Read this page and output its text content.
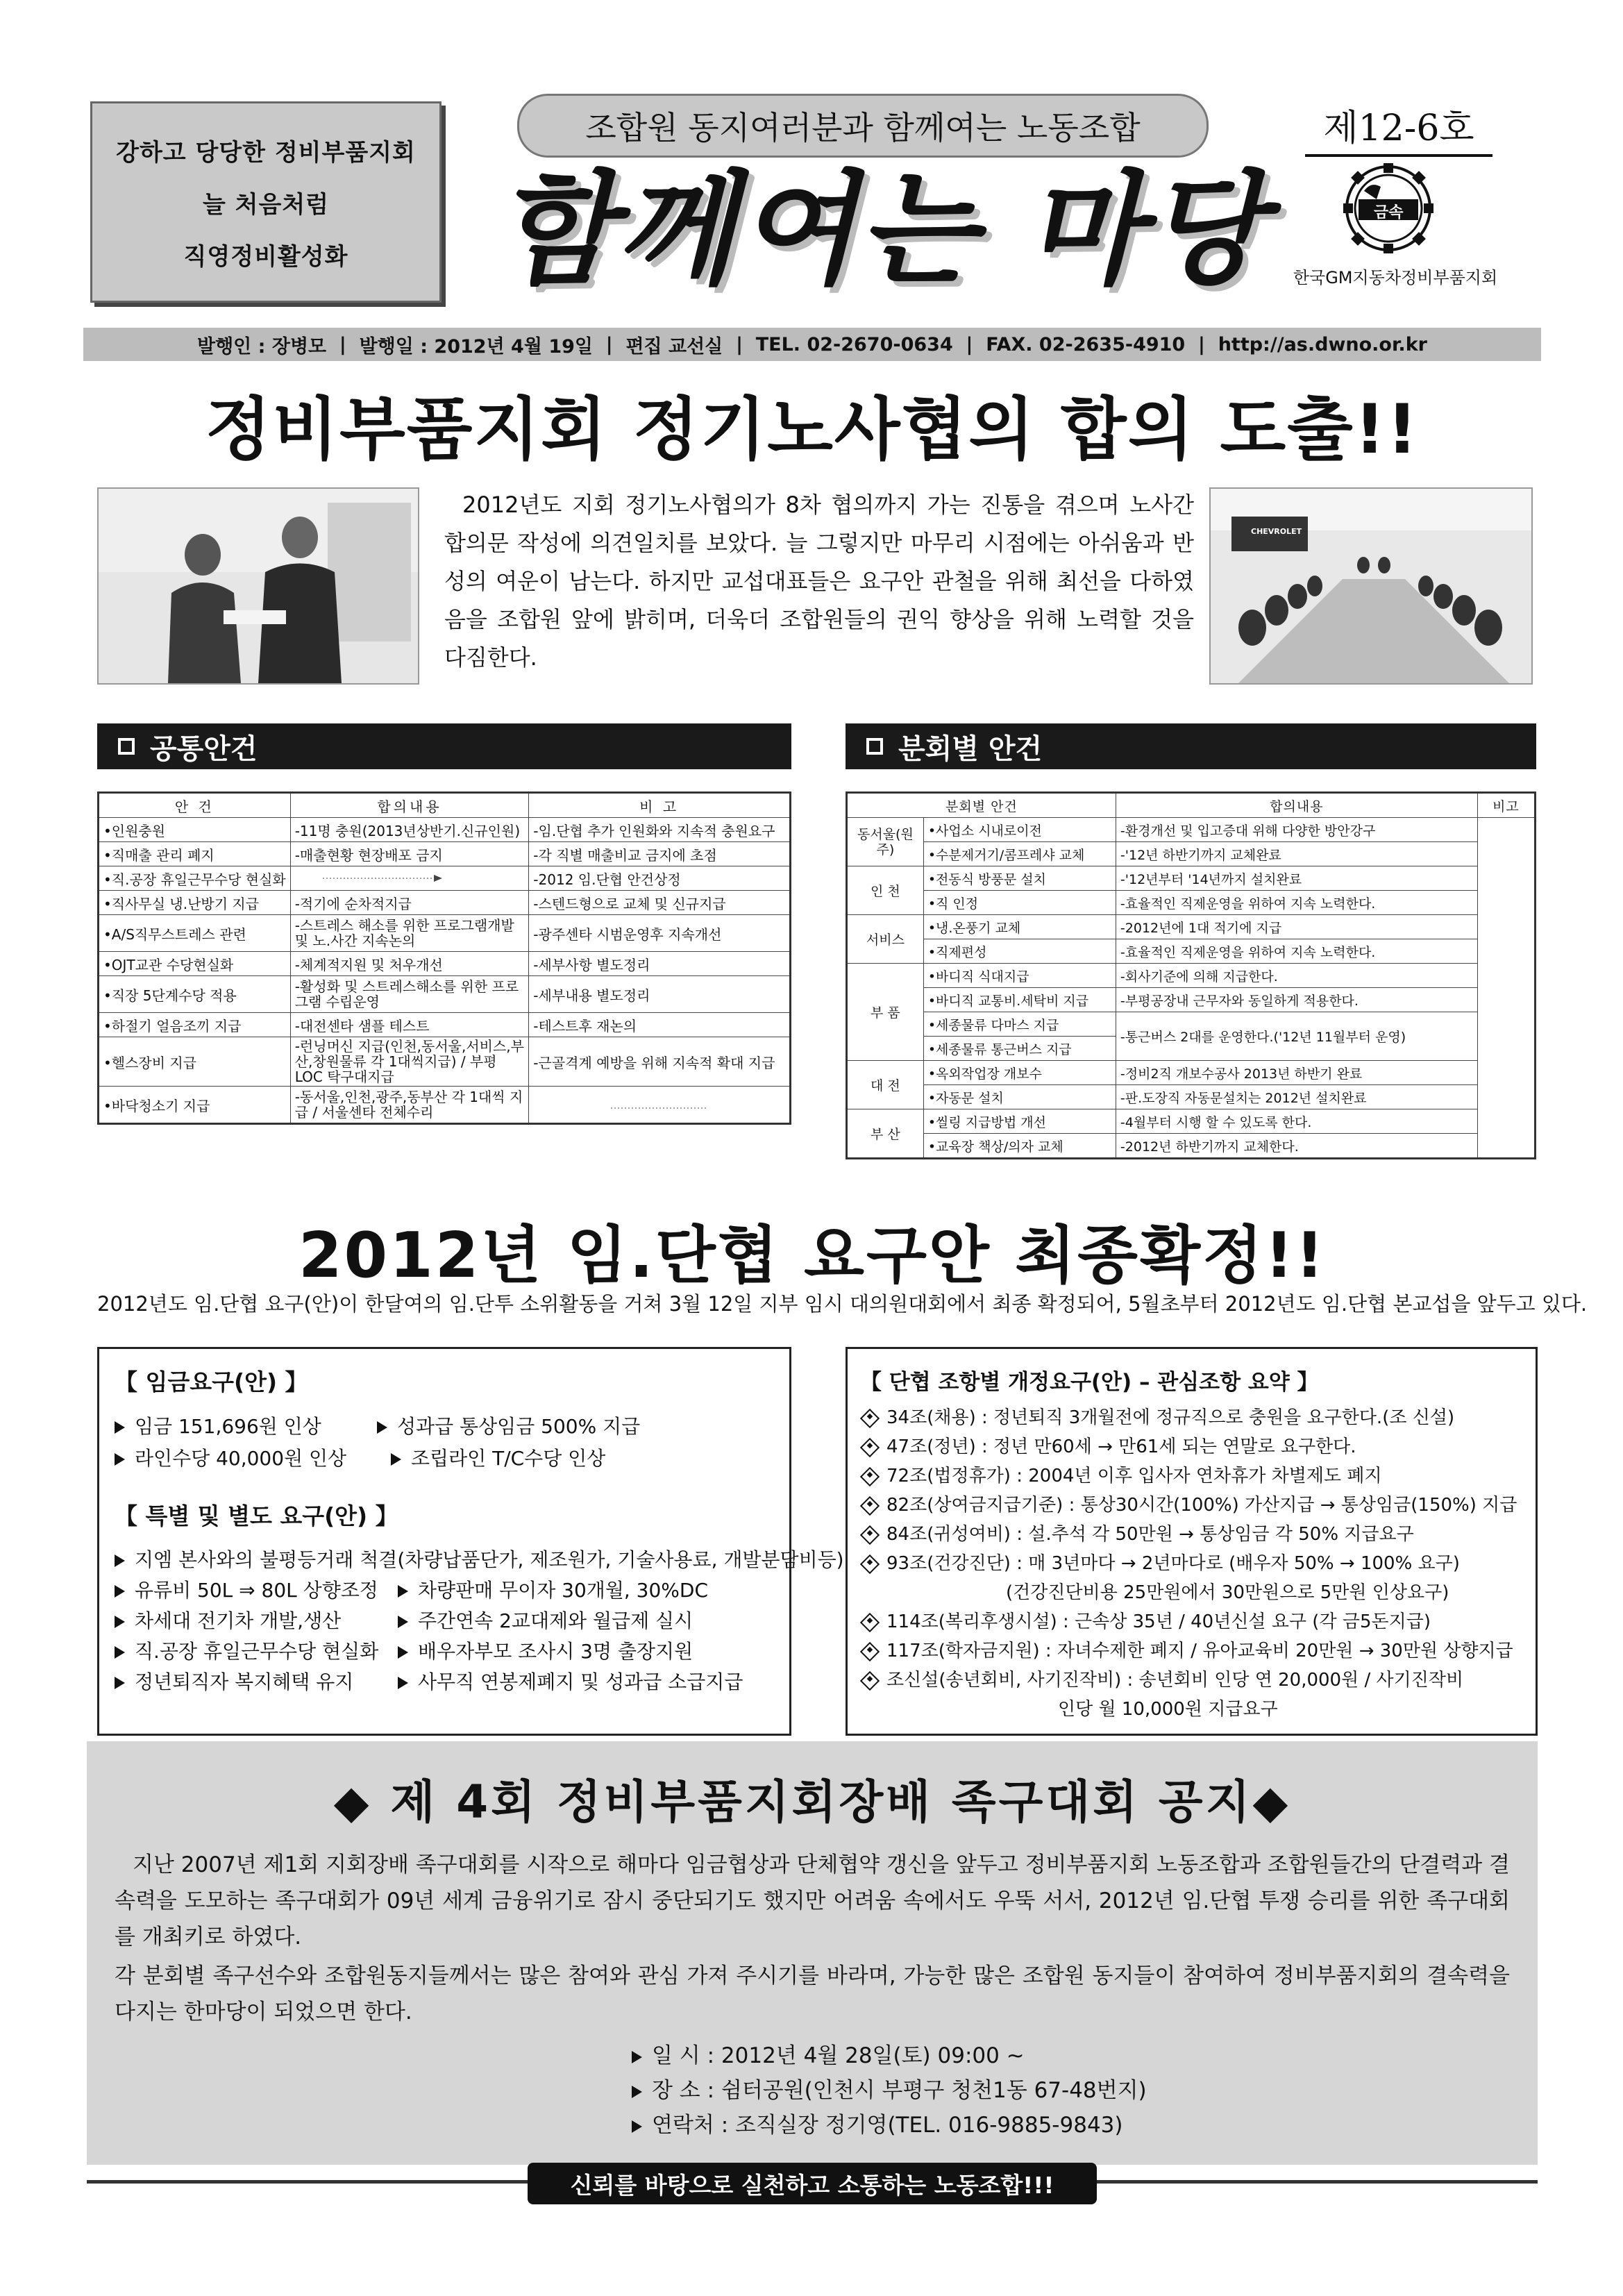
강하고 당당한 정비부품지회
늘 처음처럼
직영정비활성화
조합원 동지여러분과 함께여는 노동조합
함께여는 마당
제12-6호
금속
한국GM지동차정비부품지회
발행인 : 장병모 | 발행일 : 2012년 4월 19일 | 편집 교선실 | TEL. 02-2670-0634 | FAX. 02-2635-4910 | http://as.dwno.or.kr
정비부품지회 정기노사협의 합의 도출!!
2012년도 지회 정기노사협의가 8차 협의까지 가는 진통을 겪으며 노사간 합의문 작성에 의견일치를 보았다. 늘 그렇지만 마무리 시점에는 아쉬움과 반성의 여운이 남는다. 하지만 교섭대표들은 요구안 관철을 위해 최선을 다하였음을 조합원 앞에 밝히며, 더욱더 조합원들의 권익 향상을 위해 노력할 것을 다짐한다.
CHEVROLET
공통안건
안 건	합의내용	비 고
•인원충원	-11명 충원(2013년상반기.신규인원)	-임.단협 추가 인원화와 지속적 충원요구
•직매출 관리 폐지	-매출현황 현장배포 금지	-각 직별 매출비교 금지에 초점
•직.공장 휴일근무수당 현실화		-2012 임.단협 안건상정
•직사무실 냉.난방기 지급	-적기에 순차적지급	-스텐드형으로 교체 및 신규지급
•A/S직무스트레스 관련	-스트레스 해소를 위한 프로그램개발 및 노.사간 지속논의	-광주센타 시범운영후 지속개선
•OJT교관 수당현실화	-체계적지원 및 처우개선	-세부사항 별도정리
•직장 5단계수당 적용	-활성화 및 스트레스해소를 위한 프로그램 수립운영	-세부내용 별도정리
•하절기 얼음조끼 지급	-대전센타 샘플 테스트	-테스트후 재논의
•헬스장비 지급	-런닝머신 지급(인천,동서울,서비스,부산,창원물류 각 1대씩지급) / 부평 LOC 탁구대지급	-근골격계 예방을 위해 지속적 확대 지급
•바닥청소기 지급	-동서울,인천,광주,동부산 각 1대씩 지급 / 서울센타 전체수리	
분회별 안건
분회별 안건		합의내용	비고
동서울(원주)	•사업소 시내로이전	-환경개선 및 입고증대 위해 다양한 방안강구	
	•수분제거기/콤프레샤 교체	-'12년 하반기까지 교체완료	
인 천	•전동식 방풍문 설치	-'12년부터 '14년까지 설치완료	
	•직 인정	-효율적인 직제운영을 위하여 지속 노력한다.	
서비스	•냉.온풍기 교체	-2012년에 1대 적기에 지급	
	•직제편성	-효율적인 직제운영을 위하여 지속 노력한다.	
부 품	•바디직 식대지급	-회사기준에 의해 지급한다.	
	•바디직 교통비.세탁비 지급	-부평공장내 근무자와 동일하게 적용한다.	
	•세종물류 다마스 지급	-통근버스 2대를 운영한다.('12년 11월부터 운영)	
	•세종물류 통근버스 지급		
대 전	•옥외작업장 개보수	-정비2직 개보수공사 2013년 하반기 완료	
	•자동문 설치	-판.도장직 자동문설치는 2012년 설치완료	
부 산	•씰링 지급방법 개선	-4월부터 시행 할 수 있도록 한다.	
	•교육장 책상/의자 교체	-2012년 하반기까지 교체한다.	
2012년 임.단협 요구안 최종확정!!
2012년도 임.단협 요구(안)이 한달여의 임.단투 소위활동을 거쳐 3월 12일 지부 임시 대의원대회에서 최종 확정되어, 5월초부터 2012년도 임.단협 본교섭을 앞두고 있다.
【 임금요구(안) 】
임금 151,696원 인상	성과급 통상임금 500% 지급
라인수당 40,000원 인상	조립라인 T/C수당 인상
【 특별 및 별도 요구(안) 】
지엠 본사와의 불평등거래 척결(차량납품단가, 제조원가, 기술사용료, 개발분담비등)
유류비 50L ⇒ 80L 상향조정	차량판매 무이자 30개월, 30%DC
차세대 전기차 개발,생산	주간연속 2교대제와 월급제 실시
직.공장 휴일근무수당 현실화	배우자부모 조사시 3명 출장지원
정년퇴직자 복지혜택 유지	사무직 연봉제폐지 및 성과급 소급지급
【 단협 조항별 개정요구(안) – 관심조항 요약 】
34조(채용) : 정년퇴직 3개월전에 정규직으로 충원을 요구한다.(조 신설)
47조(정년) : 정년 만60세 → 만61세 되는 연말로 요구한다.
72조(법정휴가) : 2004년 이후 입사자 연차휴가 차별제도 폐지
82조(상여금지급기준) : 통상30시간(100%) 가산지급 → 통상임금(150%) 지급
84조(귀성여비) : 설.추석 각 50만원 → 통상임금 각 50% 지급요구
93조(건강진단) : 매 3년마다 → 2년마다로 (배우자 50% → 100% 요구)
(건강진단비용 25만원에서 30만원으로 5만원 인상요구)
114조(복리후생시설) : 근속상 35년 / 40년신설 요구 (각 금5돈지급)
117조(학자금지원) : 자녀수제한 폐지 / 유아교육비 20만원 → 30만원 상향지급
조신설(송년회비, 사기진작비) : 송년회비 인당 연 20,000원 / 사기진작비
인당 월 10,000원 지급요구
◆ 제 4회 정비부품지회장배 족구대회 공지◆
지난 2007년 제1회 지회장배 족구대회를 시작으로 해마다 임금협상과 단체협약 갱신을 앞두고 정비부품지회 노동조합과 조합원들간의 단결력과 결속력을 도모하는 족구대회가 09년 세계 금융위기로 잠시 중단되기도 했지만 어려움 속에서도 우뚝 서서, 2012년 임.단협 투쟁 승리를 위한 족구대회를 개최키로 하였다.
각 분회별 족구선수와 조합원동지들께서는 많은 참여와 관심 가져 주시기를 바라며, 가능한 많은 조합원 동지들이 참여하여 정비부품지회의 결속력을 다지는 한마당이 되었으면 한다.
일 시 : 2012년 4월 28일(토) 09:00 ~
장 소 : 쉼터공원(인천시 부평구 청천1동 67-48번지)
연락처 : 조직실장 정기영(TEL. 016-9885-9843)
신뢰를 바탕으로 실천하고 소통하는 노동조합!!!
